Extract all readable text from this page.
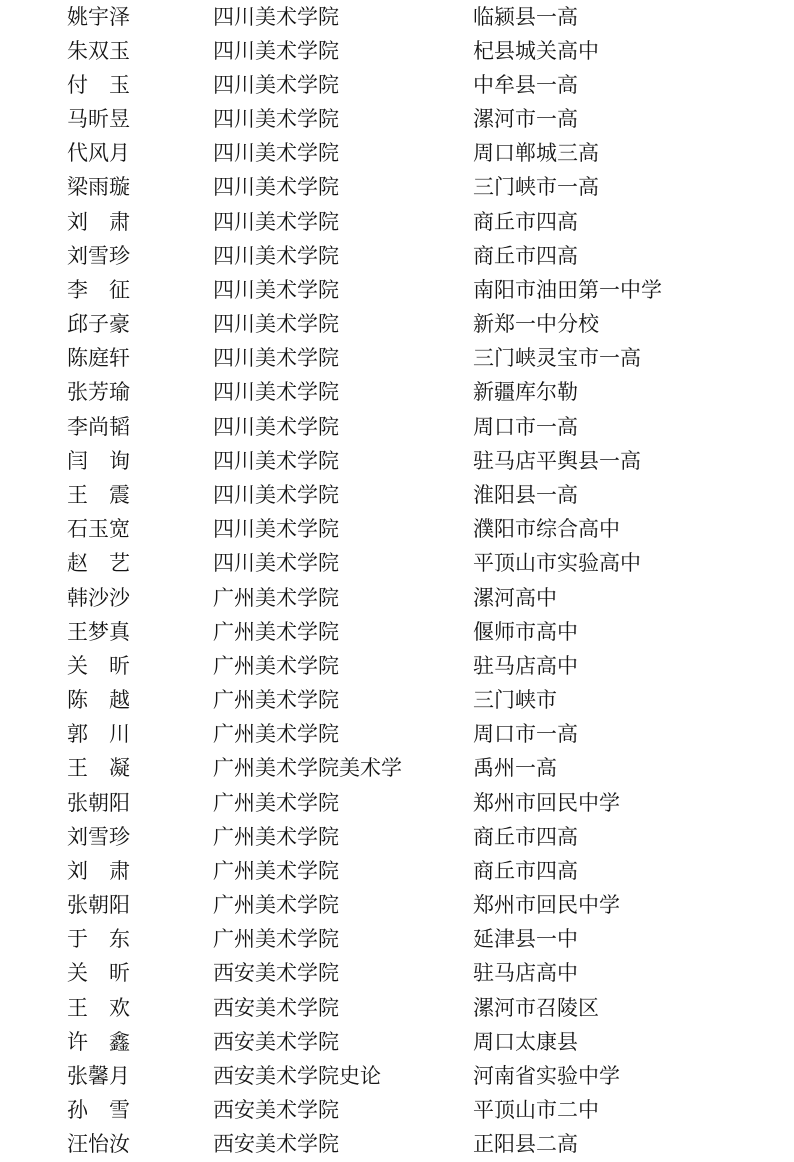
姚宇泽	四川美术学院	临颍县一高
朱双玉	四川美术学院	杞县城关高中
付　玉	四川美术学院	中牟县一高
马昕昱	四川美术学院	漯河市一高
代风月	四川美术学院	周口郸城三高
梁雨璇	四川美术学院	三门峡市一高
刘　肃	四川美术学院	商丘市四高
刘雪珍	四川美术学院	商丘市四高
李　征	四川美术学院	南阳市油田第一中学
邱子豪	四川美术学院	新郑一中分校
陈庭轩	四川美术学院	三门峡灵宝市一高
张芳瑜	四川美术学院	新疆库尔勒
李尚韬	四川美术学院	周口市一高
闫　询	四川美术学院	驻马店平舆县一高
王　震	四川美术学院	淮阳县一高
石玉宽	四川美术学院	濮阳市综合高中
赵　艺	四川美术学院	平顶山市实验高中
韩沙沙	广州美术学院	漯河高中
王梦真	广州美术学院	偃师市高中
关　昕	广州美术学院	驻马店高中
陈　越	广州美术学院	三门峡市
郭　川	广州美术学院	周口市一高
王　凝	广州美术学院美术学	禹州一高
张朝阳	广州美术学院	郑州市回民中学
刘雪珍	广州美术学院	商丘市四高
刘　肃	广州美术学院	商丘市四高
张朝阳	广州美术学院	郑州市回民中学
于　东	广州美术学院	延津县一中
关　昕	西安美术学院	驻马店高中
王　欢	西安美术学院	漯河市召陵区
许　鑫	西安美术学院	周口太康县
张馨月	西安美术学院史论	河南省实验中学
孙　雪	西安美术学院	平顶山市二中
汪怡汝	西安美术学院	正阳县二高
